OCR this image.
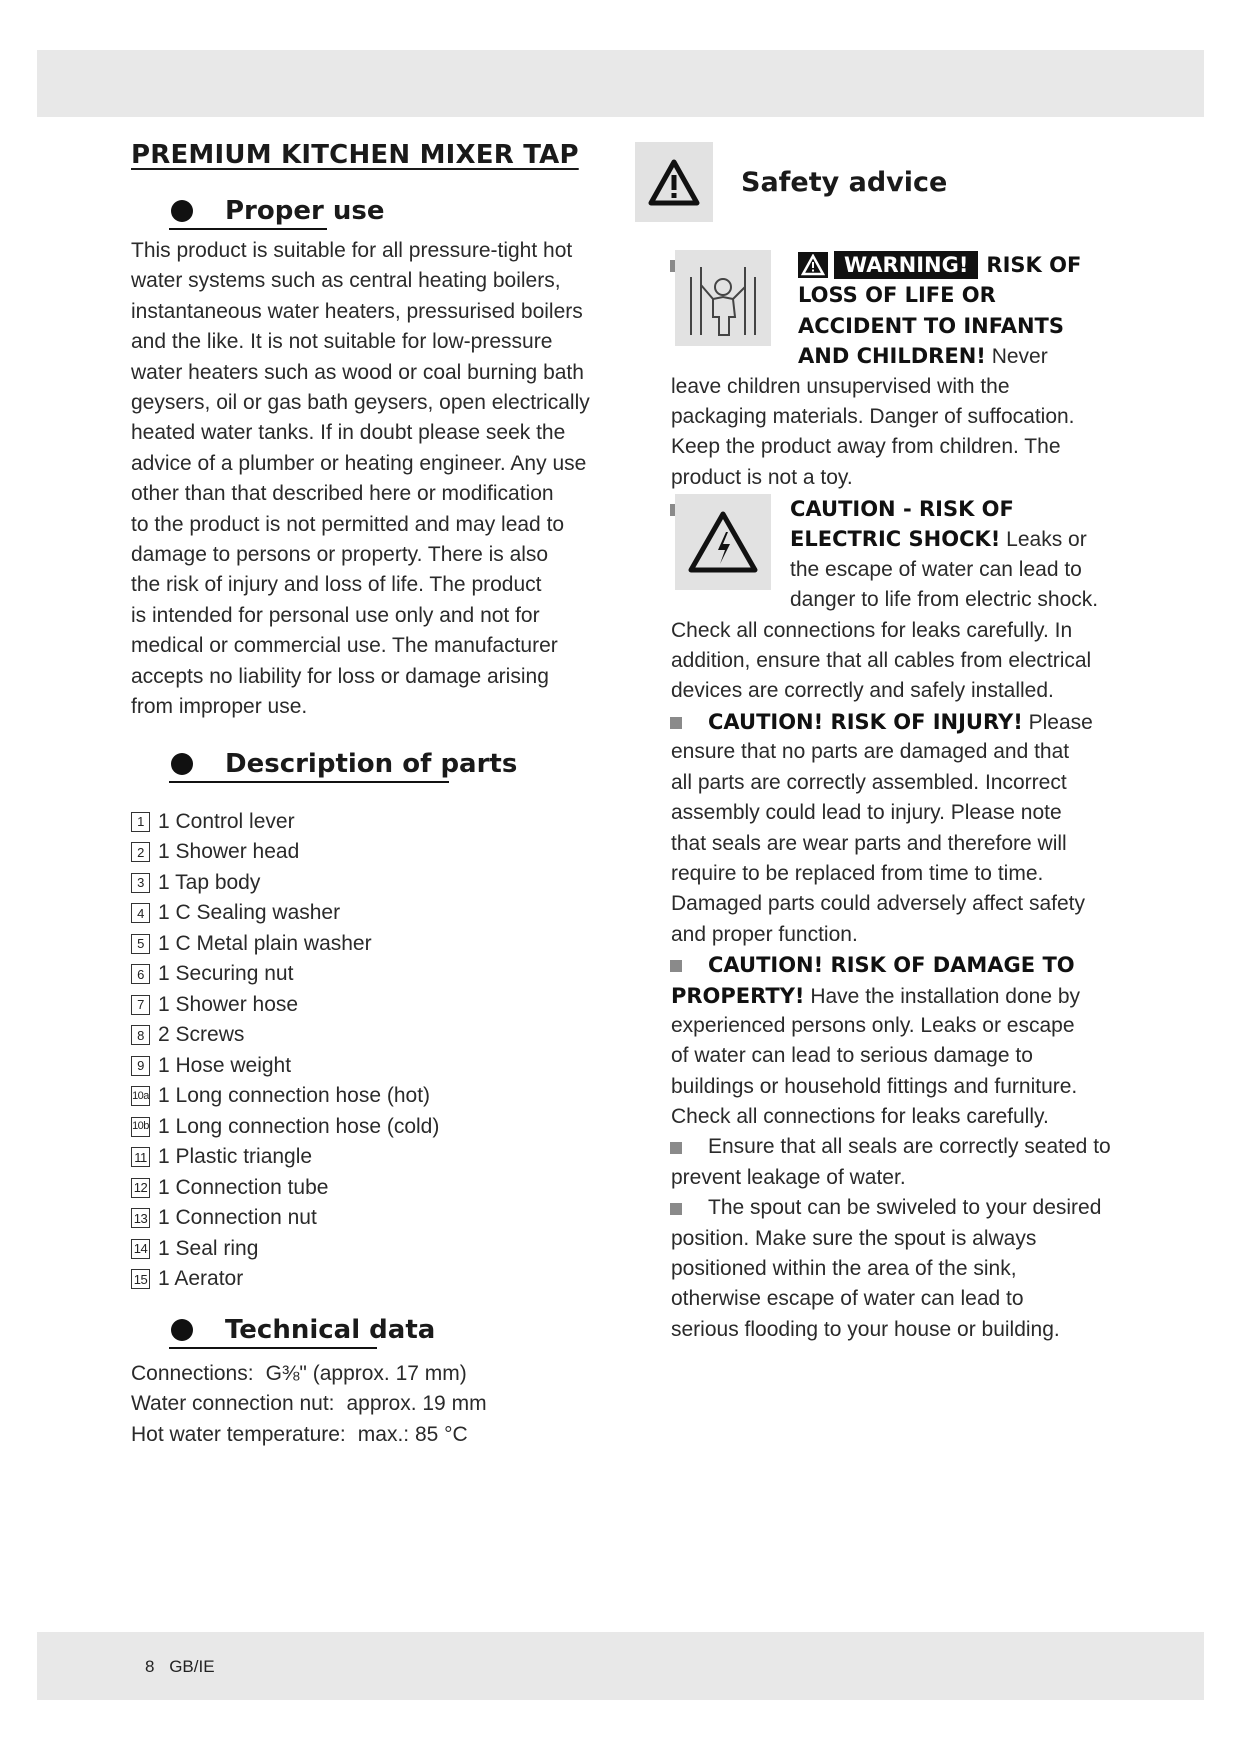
PREMIUM KITCHEN MIXER TAP
Proper use

This product is suitable for all pressure-tight hot
water systems such as central heating boilers,
instantaneous water heaters, pressurised boilers
and the like. It is not suitable for low-pressure
water heaters such as wood or coal burning bath
geysers, oil or gas bath geysers, open electrically
heated water tanks. If in doubt please seek the
advice of a plumber or heating engineer. Any use
other than that described here or modification
to the product is not permitted and may lead to
damage to persons or property. There is also
the risk of injury and loss of life. The product
is intended for personal use only and not for
medical or commercial use. The manufacturer
accepts no liability for loss or damage arising
from improper use.

Description of parts
1 1 Control lever
2 1 Shower head
3 1 Tap body
4 1 C Sealing washer
5 1 C Metal plain washer
6 1 Securing nut
7 1 Shower hose
8 2 Screws
9 1 Hose weight
10a 1 Long connection hose (hot)
10b 1 Long connection hose (cold)
11 1 Plastic triangle
12 1 Connection tube
13 1 Connection nut
14 1 Seal ring
15 1 Aerator
Technical data
Connections: G⅜" (approx. 17 mm)
Water connection nut: approx. 19 mm
Hot water temperature: max.: 85 °C
Safety advice
WARNING! RISK OF
LOSS OF LIFE OR
ACCIDENT TO INFANTS
AND CHILDREN! Never
leave children unsupervised with the
packaging materials. Danger of suffocation.
Keep the product away from children. The
product is not a toy.
CAUTION - RISK OF
ELECTRIC SHOCK! Leaks or
the escape of water can lead to
danger to life from electric shock.
Check all connections for leaks carefully. In
addition, ensure that all cables from electrical
devices are correctly and safely installed.
CAUTION! RISK OF INJURY! Please
ensure that no parts are damaged and that
all parts are correctly assembled. Incorrect
assembly could lead to injury. Please note
that seals are wear parts and therefore will
require to be replaced from time to time.
Damaged parts could adversely affect safety
and proper function.
CAUTION! RISK OF DAMAGE TO
PROPERTY! Have the installation done by
experienced persons only. Leaks or escape
of water can lead to serious damage to
buildings or household fittings and furniture.
Check all connections for leaks carefully.
Ensure that all seals are correctly seated to
prevent leakage of water.
The spout can be swiveled to your desired
position. Make sure the spout is always
positioned within the area of the sink,
otherwise escape of water can lead to
serious flooding to your house or building.
8 GB/IE
